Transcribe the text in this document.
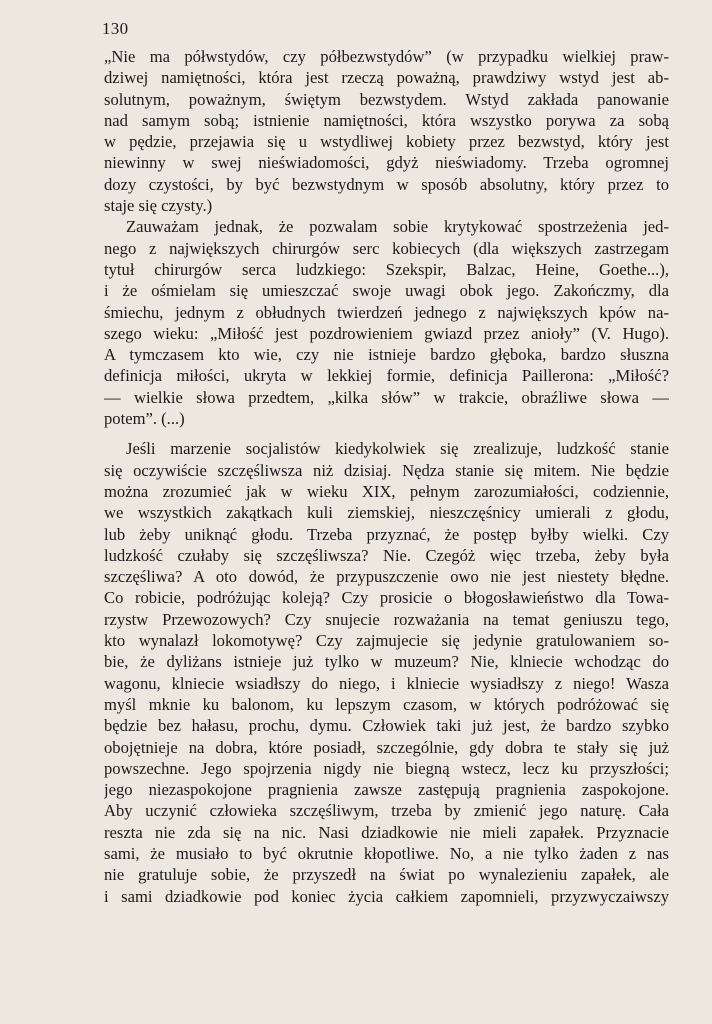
130
„Nie ma półwstydów, czy półbezwstydów” (w przypadku wielkiej praw-
dziwej namiętności, która jest rzeczą poważną, prawdziwy wstyd jest ab-
solutnym, poważnym, świętym bezwstydem. Wstyd zakłada panowanie
nad samym sobą; istnienie namiętności, która wszystko porywa za sobą
w pędzie, przejawia się u wstydliwej kobiety przez bezwstyd, który jest
niewinny w swej nieświadomości, gdyż nieświadomy. Trzeba ogromnej
dozy czystości, by być bezwstydnym w sposób absolutny, który przez to
staje się czysty.)
Zauważam jednak, że pozwalam sobie krytykować spostrzeżenia jed-
nego z największych chirurgów serc kobiecych (dla większych zastrzegam
tytuł chirurgów serca ludzkiego: Szekspir, Balzac, Heine, Goethe...),
i że ośmielam się umieszczać swoje uwagi obok jego. Zakończmy, dla
śmiechu, jednym z obłudnych twierdzeń jednego z największych kpów na-
szego wieku: „Miłość jest pozdrowieniem gwiazd przez anioły” (V. Hugo).
A tymczasem kto wie, czy nie istnieje bardzo głęboka, bardzo słuszna
definicja miłości, ukryta w lekkiej formie, definicja Paillerona: „Miłość?
— wielkie słowa przedtem, „kilka słów” w trakcie, obraźliwe słowa —
potem”. (...)
Jeśli marzenie socjalistów kiedykolwiek się zrealizuje, ludzkość stanie
się oczywiście szczęśliwsza niż dzisiaj. Nędza stanie się mitem. Nie będzie
można zrozumieć jak w wieku XIX, pełnym zarozumiałości, codziennie,
we wszystkich zakątkach kuli ziemskiej, nieszczęśnicy umierali z głodu,
lub żeby uniknąć głodu. Trzeba przyznać, że postęp byłby wielki. Czy
ludzkość czułaby się szczęśliwsza? Nie. Czegóż więc trzeba, żeby była
szczęśliwa? A oto dowód, że przypuszczenie owo nie jest niestety błędne.
Co robicie, podróżując koleją? Czy prosicie o błogosławieństwo dla Towa-
rzystw Przewozowych? Czy snujecie rozważania na temat geniuszu tego,
kto wynalazł lokomotywę? Czy zajmujecie się jedynie gratulowaniem so-
bie, że dyliżans istnieje już tylko w muzeum? Nie, klniecie wchodząc do
wagonu, klniecie wsiadłszy do niego, i klniecie wysiadłszy z niego! Wasza
myśl mknie ku balonom, ku lepszym czasom, w których podróżować się
będzie bez hałasu, prochu, dymu. Człowiek taki już jest, że bardzo szybko
obojętnieje na dobra, które posiadł, szczególnie, gdy dobra te stały się już
powszechne. Jego spojrzenia nigdy nie biegną wstecz, lecz ku przyszłości;
jego niezaspokojone pragnienia zawsze zastępują pragnienia zaspokojone.
Aby uczynić człowieka szczęśliwym, trzeba by zmienić jego naturę. Cała
reszta nie zda się na nic. Nasi dziadkowie nie mieli zapałek. Przyznacie
sami, że musiało to być okrutnie kłopotliwe. No, a nie tylko żaden z nas
nie gratuluje sobie, że przyszedł na świat po wynalezieniu zapałek, ale
i sami dziadkowie pod koniec życia całkiem zapomnieli, przyzwyczaiwszy
